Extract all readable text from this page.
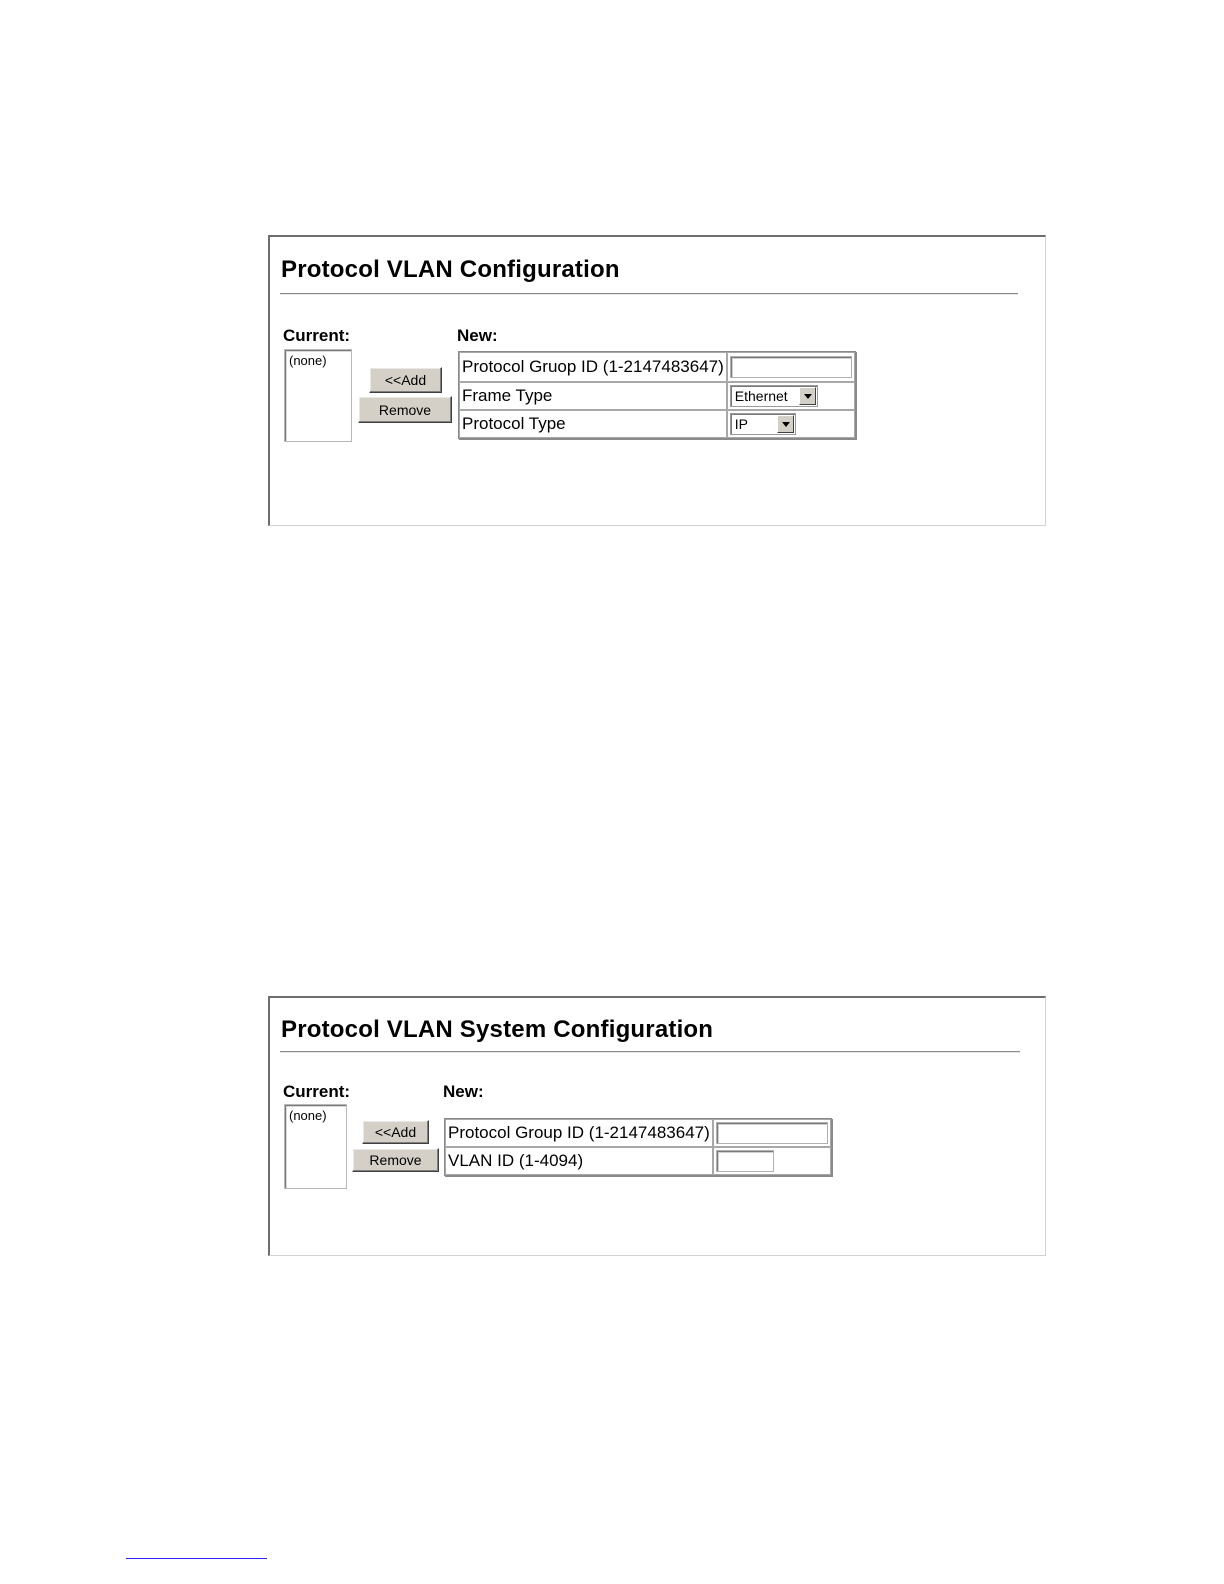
Protocol VLAN Configuration
Current:	New:
(none)
<<Add
Remove
Protocol Gruop ID (1-2147483647)	

Frame Type	Ethernet

Protocol Type	IP
Protocol VLAN System Configuration
Current:	New:
(none)
<<Add
Remove
Protocol Group ID (1-2147483647)	

VLAN ID (1-4094)	
